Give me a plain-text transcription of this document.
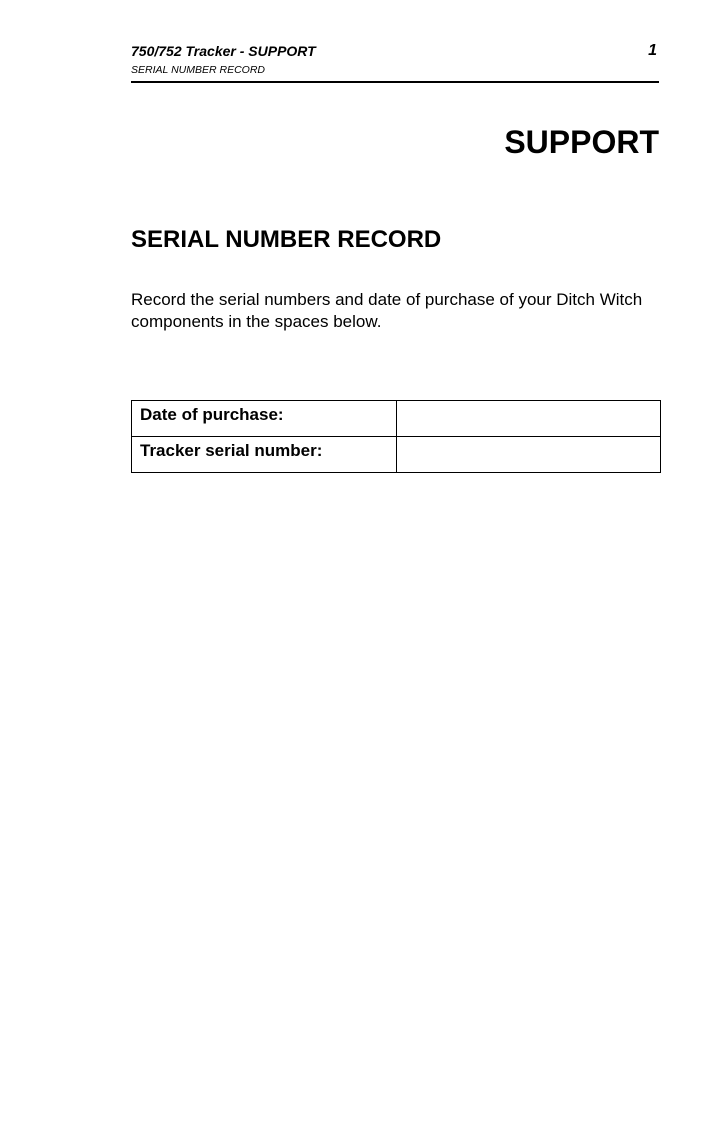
750/752 Tracker - SUPPORT
SERIAL NUMBER RECORD
1
SUPPORT
SERIAL NUMBER RECORD

Record the serial numbers and date of purchase of your Ditch Witch components in the spaces below.

Date of purchase:	
Tracker serial number:	
